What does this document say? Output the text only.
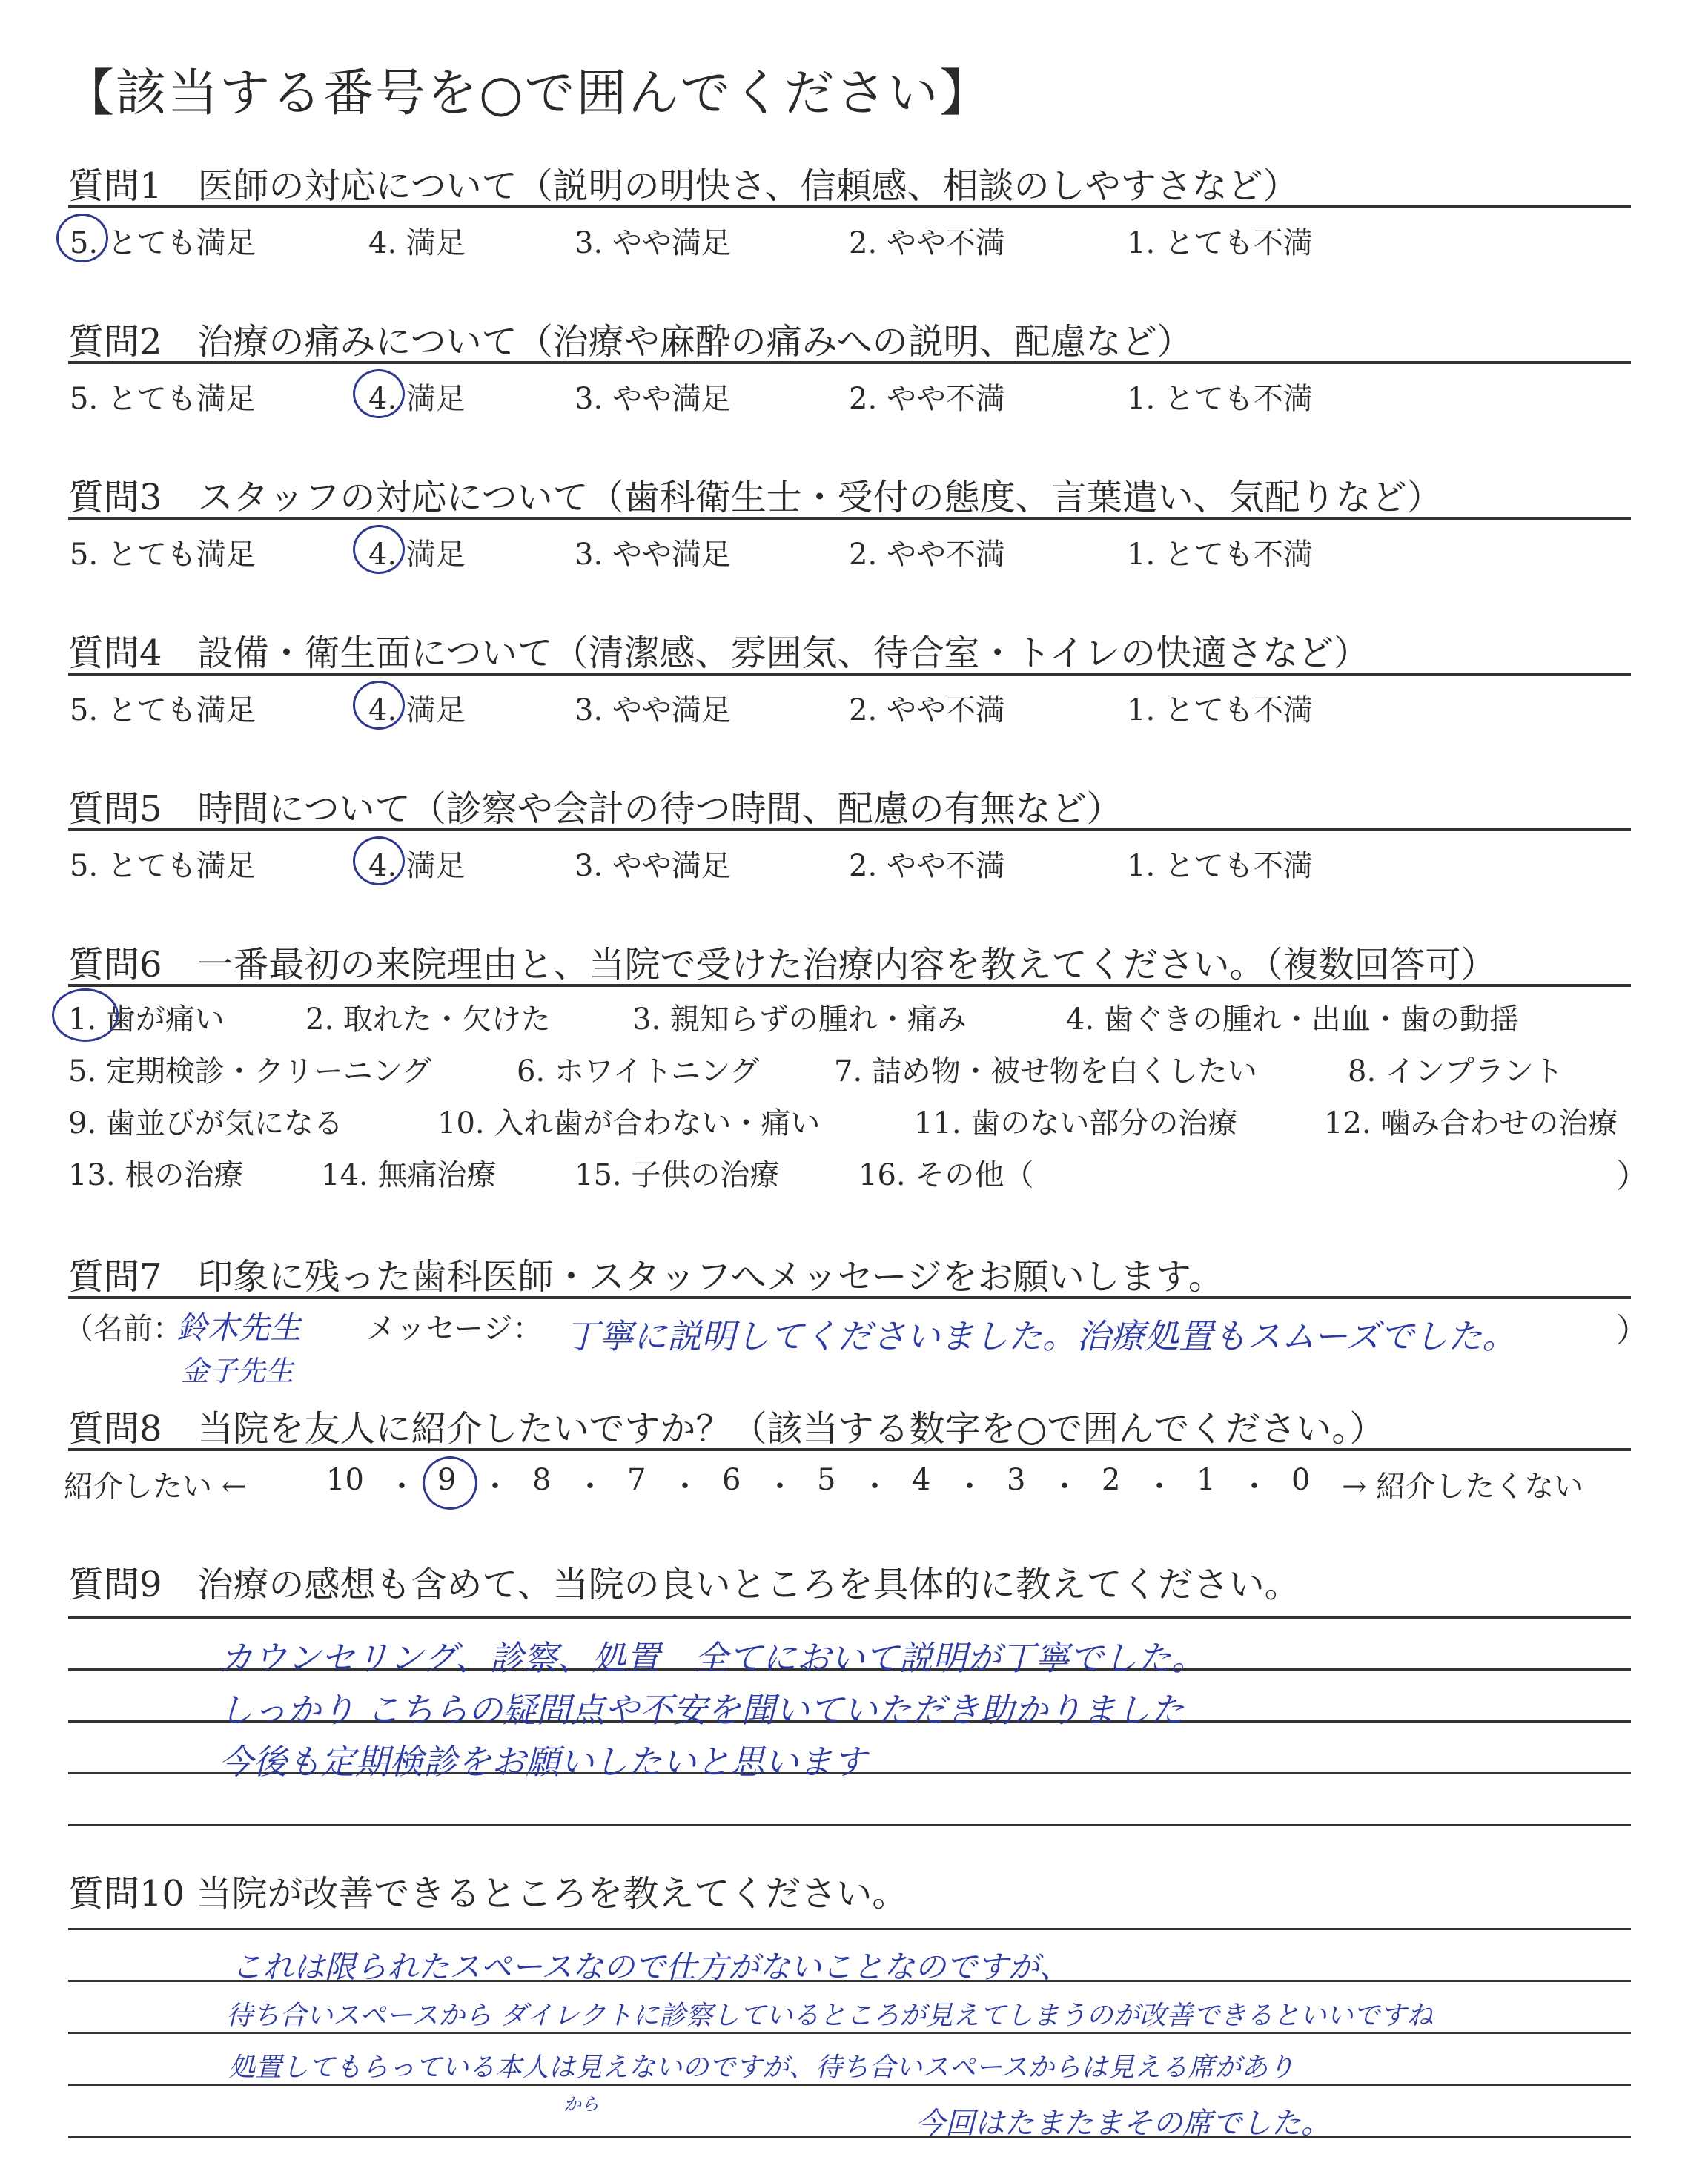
【該当する番号を○で囲んでください】
質問1　医師の対応について（説明の明快さ、信頼感、相談のしやすさなど）
5. とても満足	4. 満足	3. やや満足	2. やや不満	1. とても不満
質問2　治療の痛みについて（治療や麻酔の痛みへの説明、配慮など）
5. とても満足	4. 満足	3. やや満足	2. やや不満	1. とても不満
質問3　スタッフの対応について（歯科衛生士・受付の態度、言葉遣い、気配りなど）
5. とても満足	4. 満足	3. やや満足	2. やや不満	1. とても不満
質問4　設備・衛生面について（清潔感、雰囲気、待合室・トイレの快適さなど）
5. とても満足	4. 満足	3. やや満足	2. やや不満	1. とても不満
質問5　時間について（診察や会計の待つ時間、配慮の有無など）
5. とても満足	4. 満足	3. やや満足	2. やや不満	1. とても不満
質問6　一番最初の来院理由と、当院で受けた治療内容を教えてください。（複数回答可）
1. 歯が痛い	2. 取れた・欠けた	3. 親知らずの腫れ・痛み	4. 歯ぐきの腫れ・出血・歯の動揺
5. 定期検診・クリーニング	6. ホワイトニング	7. 詰め物・被せ物を白くしたい	8. インプラント
9. 歯並びが気になる	10. 入れ歯が合わない・痛い	11. 歯のない部分の治療	12. 噛み合わせの治療
13. 根の治療	14. 無痛治療	15. 子供の治療	16. その他（	）
質問7　印象に残った歯科医師・スタッフへメッセージをお願いします。
（名前：
鈴木先生
金子先生
メッセージ： 丁寧に説明してくださいました。治療処置もスムーズでした。	）
質問8　当院を友人に紹介したいですか？（該当する数字を○で囲んでください。）
紹介したい ←	10 ・ 9 ・ 8 ・ 7 ・ 6 ・ 5 ・ 4 ・ 3 ・ 2 ・ 1 ・ 0 → 紹介したくない
質問9　治療の感想も含めて、当院の良いところを具体的に教えてください。
カウンセリング、診察、処置　全てにおいて説明が丁寧でした。
しっかり こちらの疑問点や不安を聞いていただき助かりました
今後も定期検診をお願いしたいと思います
質問10 当院が改善できるところを教えてください。
これは限られたスペースなので仕方がないことなのですが、
待ち合いスペースから ダイレクトに診察しているところが見えてしまうのが改善できるといいですね
処置してもらっている本人は見えないのですが、待ち合いスペースからは見える席があり
から
今回はたまたまその席でした。
